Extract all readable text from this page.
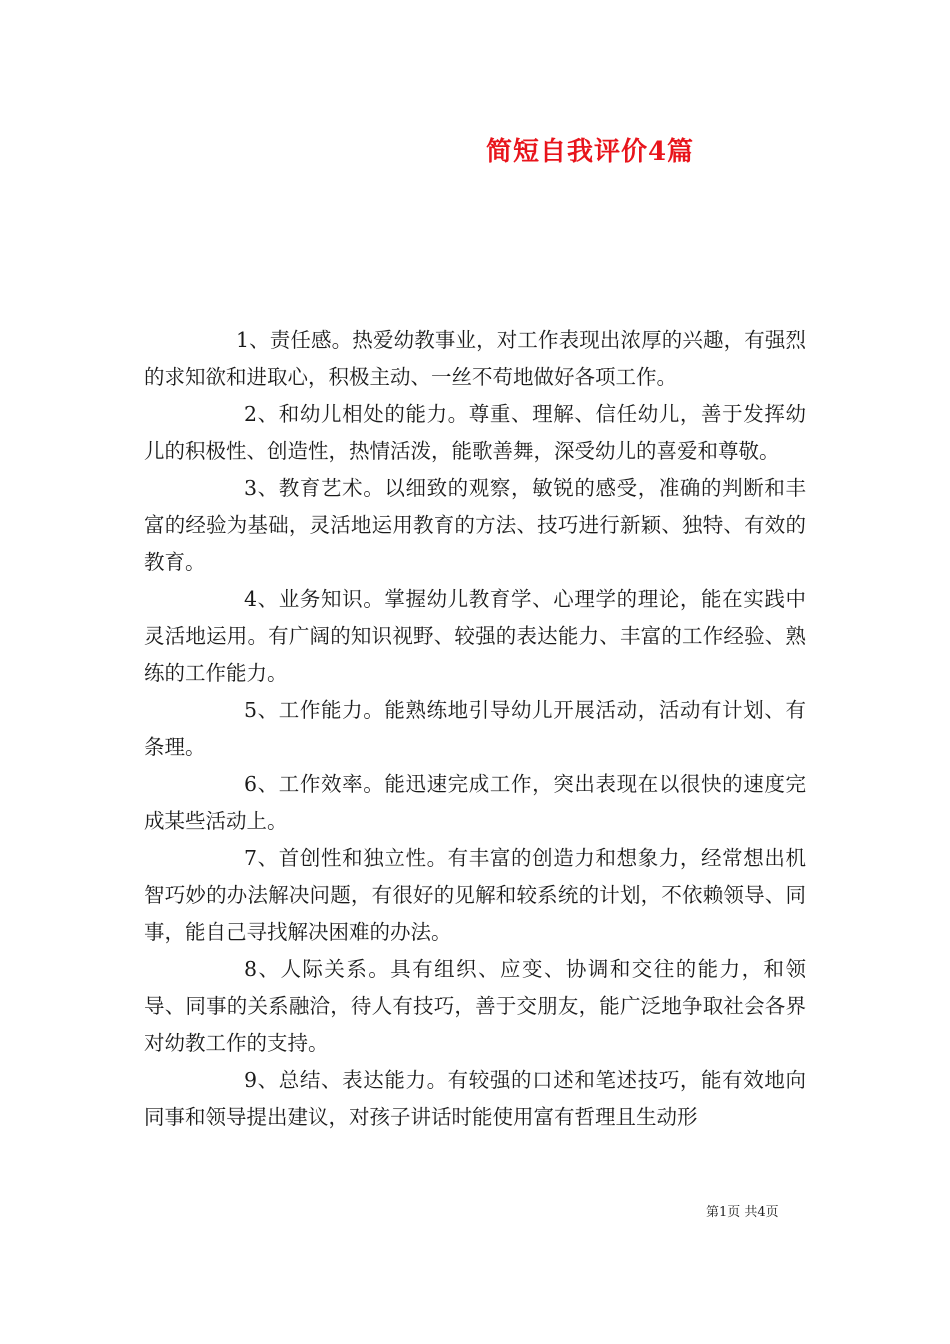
简短自我评价4篇

1、责任感。热爱幼教事业，对工作表现出浓厚的兴趣，有强烈的求知欲和进取心，积极主动、一丝不苟地做好各项工作。

2、和幼儿相处的能力。尊重、理解、信任幼儿，善于发挥幼儿的积极性、创造性，热情活泼，能歌善舞，深受幼儿的喜爱和尊敬。

3、教育艺术。以细致的观察，敏锐的感受，准确的判断和丰富的经验为基础，灵活地运用教育的方法、技巧进行新颖、独特、有效的教育。

4、业务知识。掌握幼儿教育学、心理学的理论，能在实践中灵活地运用。有广阔的知识视野、较强的表达能力、丰富的工作经验、熟练的工作能力。

5、工作能力。能熟练地引导幼儿开展活动，活动有计划、有条理。

6、工作效率。能迅速完成工作，突出表现在以很快的速度完成某些活动上。

7、首创性和独立性。有丰富的创造力和想象力，经常想出机智巧妙的办法解决问题，有很好的见解和较系统的计划，不依赖领导、同事，能自己寻找解决困难的办法。

8、人际关系。具有组织、应变、协调和交往的能力，和领导、同事的关系融洽，待人有技巧，善于交朋友，能广泛地争取社会各界对幼教工作的支持。

9、总结、表达能力。有较强的口述和笔述技巧，能有效地向同事和领导提出建议，对孩子讲话时能使用富有哲理且生动形

第1页 共4页
